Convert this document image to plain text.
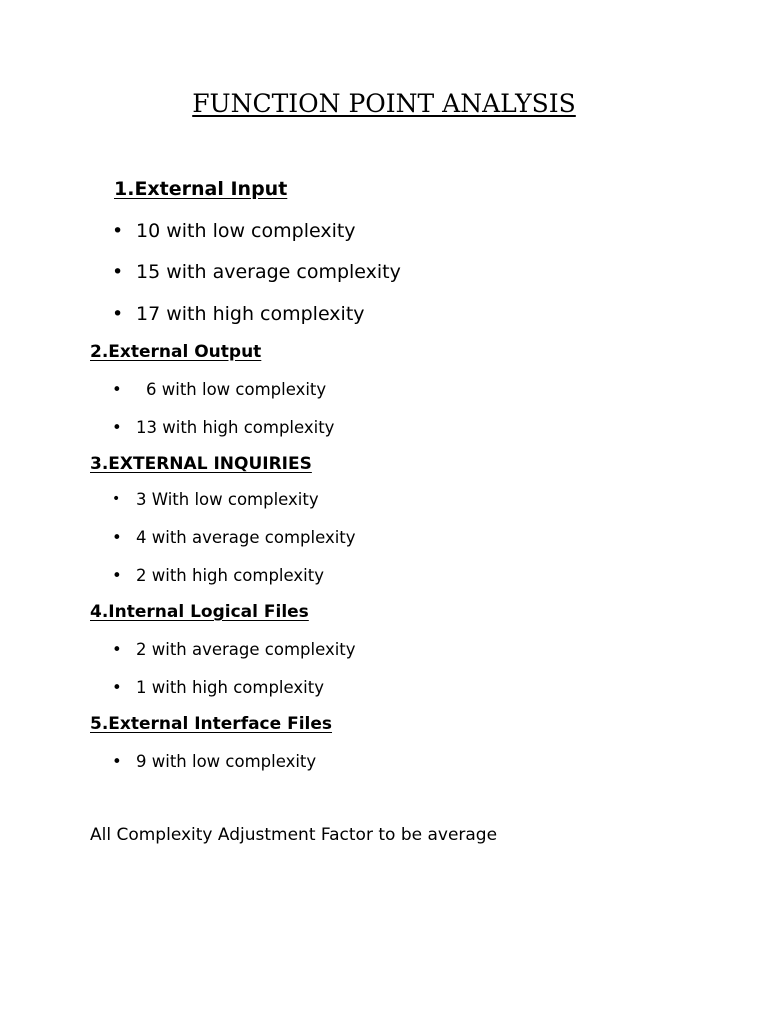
FUNCTION POINT ANALYSIS
1.External Input
• 10 with low complexity
• 15 with average complexity
• 17 with high complexity
2.External Output
• 6 with low complexity
• 13 with high complexity
3.EXTERNAL INQUIRIES
• 3 With low complexity
• 4 with average complexity
• 2 with high complexity
4.Internal Logical Files
• 2 with average complexity
• 1 with high complexity
5.External Interface Files
• 9 with low complexity
All Complexity Adjustment Factor to be average
